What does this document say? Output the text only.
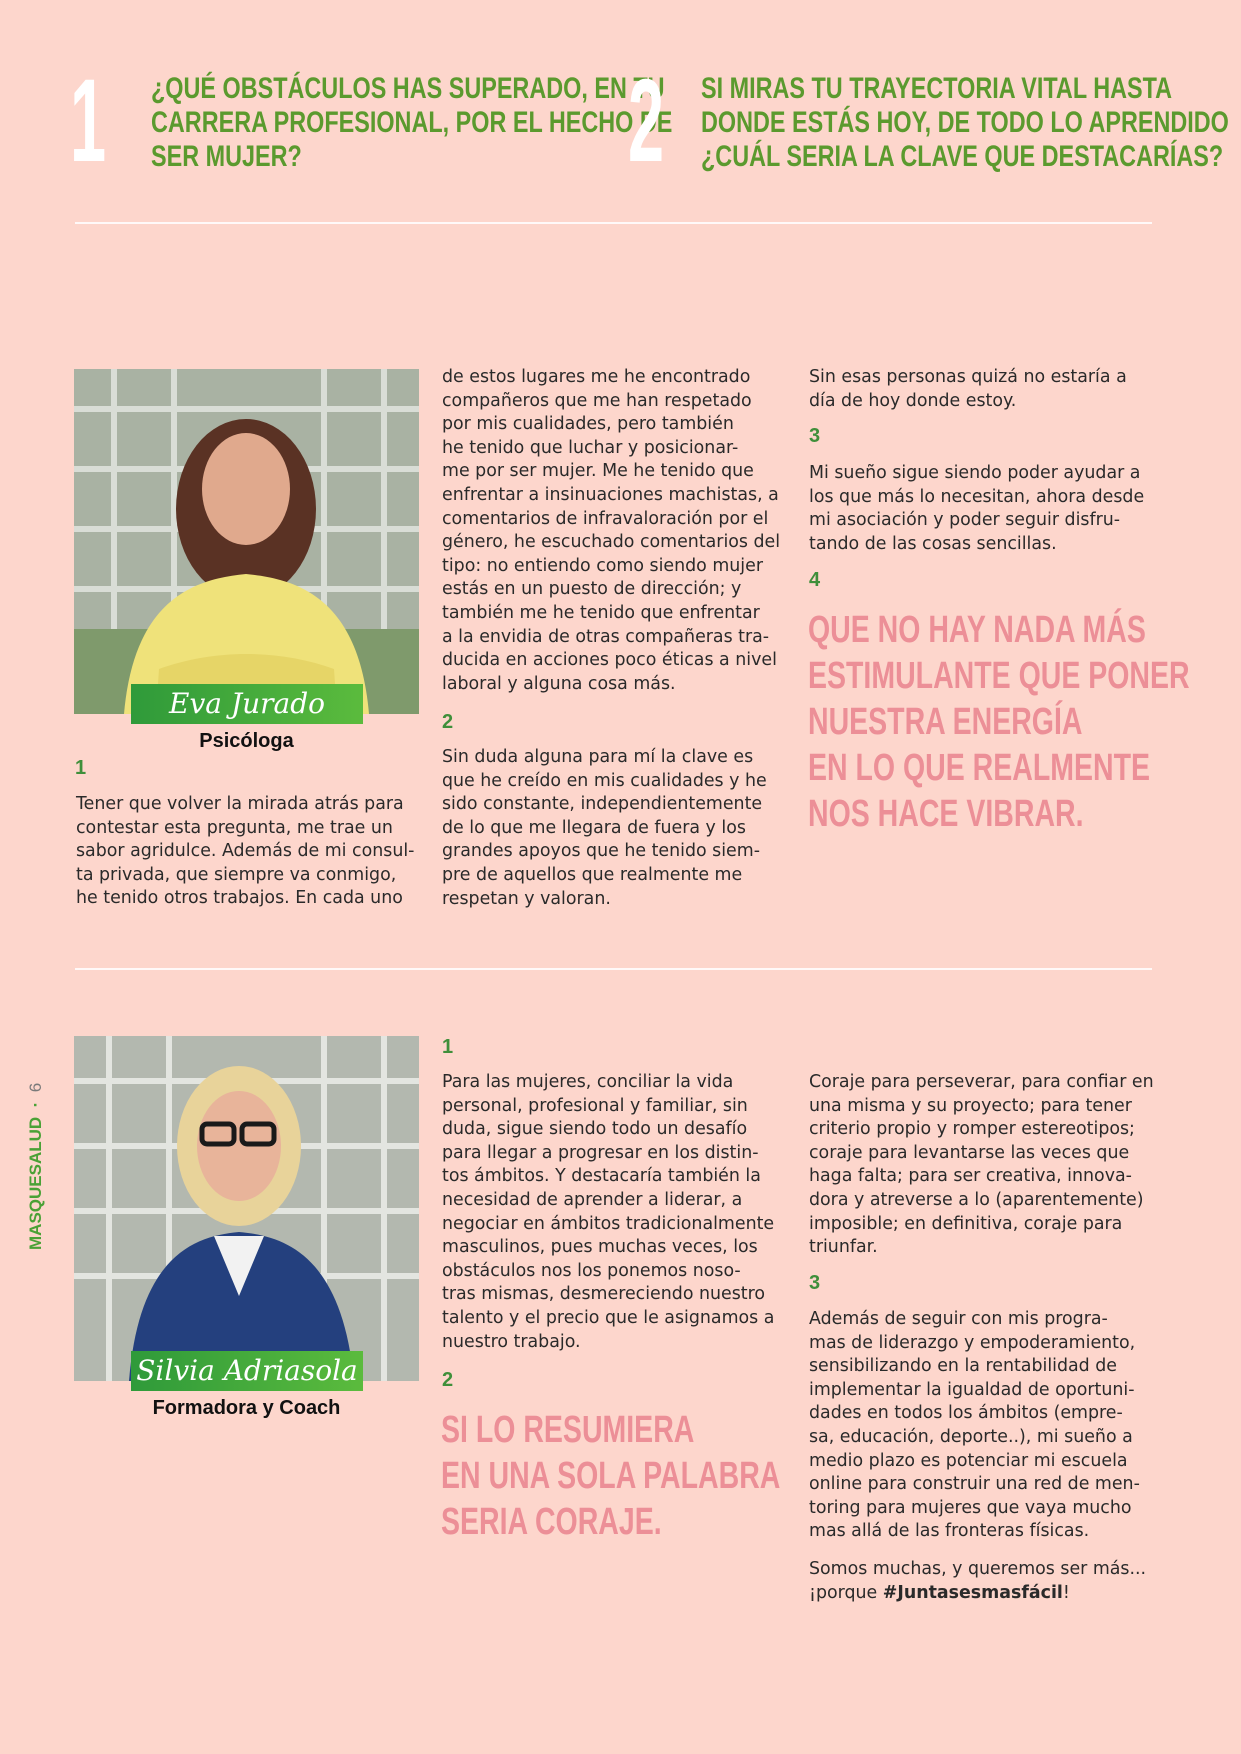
1 ¿QUÉ OBSTÁCULOS HAS SUPERADO, EN TU
CARRERA PROFESIONAL, POR EL HECHO DE
SER MUJER?	2 SI MIRAS TU TRAYECTORIA VITAL HASTA
DONDE ESTÁS HOY, DE TODO LO APRENDIDO
¿CUÁL SERIA LA CLAVE QUE DESTACARÍAS?
Eva Jurado
Psicóloga
1

Tener que volver la mirada atrás para

contestar esta pregunta, me trae un

sabor agridulce. Además de mi consul-

ta privada, que siempre va conmigo,

he tenido otros trabajos. En cada uno

de estos lugares me he encontrado

compañeros que me han respetado

por mis cualidades, pero también

he tenido que luchar y posicionar-

me por ser mujer. Me he tenido que

enfrentar a insinuaciones machistas, a

comentarios de infravaloración por el

género, he escuchado comentarios del

tipo: no entiendo como siendo mujer

estás en un puesto de dirección; y

también me he tenido que enfrentar

a la envidia de otras compañeras tra-

ducida en acciones poco éticas a nivel

laboral y alguna cosa más.

2

Sin duda alguna para mí la clave es

que he creído en mis cualidades y he

sido constante, independientemente

de lo que me llegara de fuera y los

grandes apoyos que he tenido siem-

pre de aquellos que realmente me

respetan y valoran.

Sin esas personas quizá no estaría a

día de hoy donde estoy.

3

Mi sueño sigue siendo poder ayudar a

los que más lo necesitan, ahora desde

mi asociación y poder seguir disfru-

tando de las cosas sencillas.

4
QUE NO HAY NADA MÁS
ESTIMULANTE QUE PONER
NUESTRA ENERGÍA
EN LO QUE REALMENTE
NOS HACE VIBRAR.
MASQUESALUD  ·  6
Silvia Adriasola
Formadora y Coach
1

Para las mujeres, conciliar la vida

personal, profesional y familiar, sin

duda, sigue siendo todo un desafío

para llegar a progresar en los distin-

tos ámbitos. Y destacaría también la

necesidad de aprender a liderar, a

negociar en ámbitos tradicionalmente

masculinos, pues muchas veces, los

obstáculos nos los ponemos noso-

tras mismas, desmereciendo nuestro

talento y el precio que le asignamos a

nuestro trabajo.

2
SI LO RESUMIERA
EN UNA SOLA PALABRA
SERIA CORAJE.

Coraje para perseverar, para confiar en

una misma y su proyecto; para tener

criterio propio y romper estereotipos;

coraje para levantarse las veces que

haga falta; para ser creativa, innova-

dora y atreverse a lo (aparentemente)

imposible; en definitiva, coraje para

triunfar.

3

Además de seguir con mis progra-

mas de liderazgo y empoderamiento,

sensibilizando en la rentabilidad de

implementar la igualdad de oportuni-

dades en todos los ámbitos (empre-

sa, educación, deporte..), mi sueño a

medio plazo es potenciar mi escuela

online para construir una red de men-

toring para mujeres que vaya mucho

mas allá de las fronteras físicas.

Somos muchas, y queremos ser más...

¡porque #Juntasesmasfácil!
